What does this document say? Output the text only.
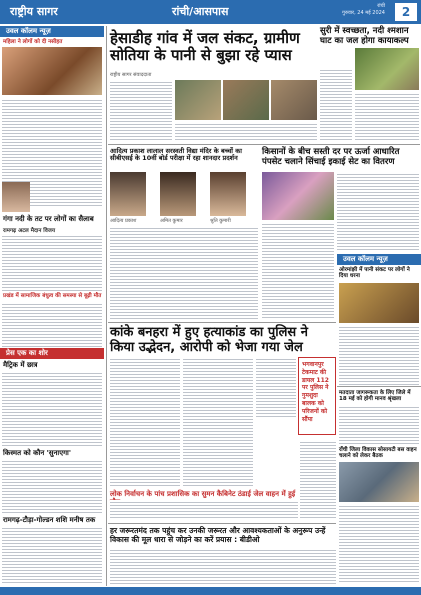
राष्ट्रीय सागर	रांची/आसपास	रांची
गुरुवार, 24 मई 2024	2
उवल कॉलम न्यूज़
महिला ने लोगों को दी नसीहत
गंगा नदी के तट पर लोगों का सैलाब
रामगढ़ अटल मैदान विजय
प्रखंड में सामाजिक बंधुत्व की समस्या से बूढ़ी मौत
प्रेस एक का शोर
मैट्रिक में छात्र
किस्मत को कौन 'सुनाएगा'
रामगढ़-टौड़ा-गोल्डन शशि मनीष तक
हेसाडीह गांव में जल संकट, ग्रामीण सोतिया के पानी से बुझा रहे प्यास
राष्ट्रीय सागर संवाददाता
सुरी में स्वच्छता, नदी श्मशान घाट का जल होगा कायाकल्प
आदित्य प्रकाश लालाल सरस्वती विद्या मंदिर के बच्चों का सीबीएसई के 10वीं बोर्ड परीक्षा में रहा शानदार प्रदर्शन
आदित्य प्रकाश	अमित कुमार	श्रुति कुमारी
किसानों के बीच सस्ती दर पर ऊर्जा आधारित पंपसेट चलाने सिंचाई इकाई सेट का वितरण
उवल कॉलम न्यूज़
ओरमांझी में पानी संकट पर लोगों ने दिया धरना
कांके बनहरा में हुए हत्याकांड का पुलिस ने किया उद्भेदन, आरोपी को भेजा गया जेल
भगवानपुर टेकमाट की डायल 112 पर पुलिस ने गुमशुदा बालक को परिजनों को सौंपा
मतदाता जागरूकता के लिए जिले में 18 मई को होगी मानव श्रृंखला
लोक निर्वाचन के पांच प्रशासिक का सुमन कैबिनेट ठंडाई जेल वाहन में हुई
राँची जिला विकास सोसायटी बस वाहन चलाने को लेकर बैठक
हर जरूरतमंद तक पहुंच कर उनकी जरूरत और आवश्यकताओं के अनुरूप उन्हें विकास की मूल धारा से जोड़ने का करें प्रयास : बीडीओ
